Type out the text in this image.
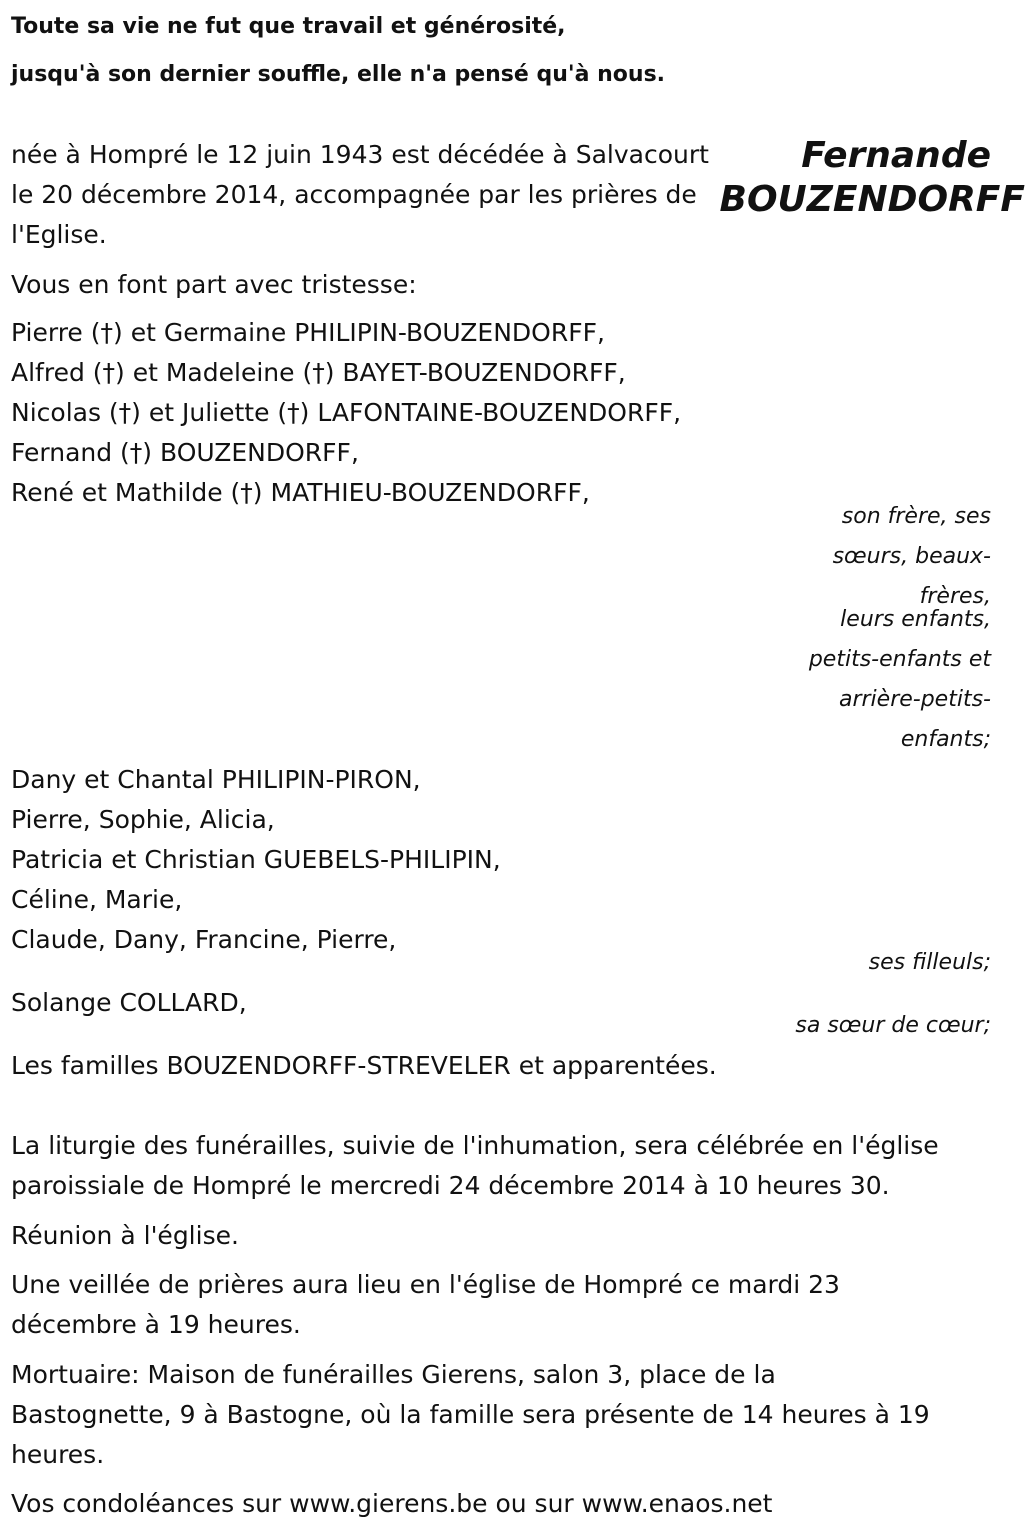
Toute sa vie ne fut que travail et générosité,
jusqu'à son dernier souffle, elle n'a pensé qu'à nous.
Fernande
BOUZENDORFF
née à Hompré le 12 juin 1943 est décédée à Salvacourt
le 20 décembre 2014, accompagnée par les prières de
l'Eglise.
Vous en font part avec tristesse:
Pierre (†) et Germaine PHILIPIN-BOUZENDORFF,
Alfred (†) et Madeleine (†) BAYET-BOUZENDORFF,
Nicolas (†) et Juliette (†) LAFONTAINE-BOUZENDORFF,
Fernand (†) BOUZENDORFF,
René et Mathilde (†) MATHIEU-BOUZENDORFF,
son frère, ses
sœurs, beaux-
frères,
leurs enfants,
petits-enfants et
arrière-petits-
enfants;
Dany et Chantal PHILIPIN-PIRON,
Pierre, Sophie, Alicia,
Patricia et Christian GUEBELS-PHILIPIN,
Céline, Marie,
Claude, Dany, Francine, Pierre,
ses filleuls;
Solange COLLARD,
sa sœur de cœur;
Les familles BOUZENDORFF-STREVELER et apparentées.
La liturgie des funérailles, suivie de l'inhumation, sera célébrée en l'église
paroissiale de Hompré le mercredi 24 décembre 2014 à 10 heures 30.
Réunion à l'église.
Une veillée de prières aura lieu en l'église de Hompré ce mardi 23
décembre à 19 heures.
Mortuaire: Maison de funérailles Gierens, salon 3, place de la
Bastognette, 9 à Bastogne, où la famille sera présente de 14 heures à 19
heures.
Vos condoléances sur www.gierens.be ou sur www.enaos.net
